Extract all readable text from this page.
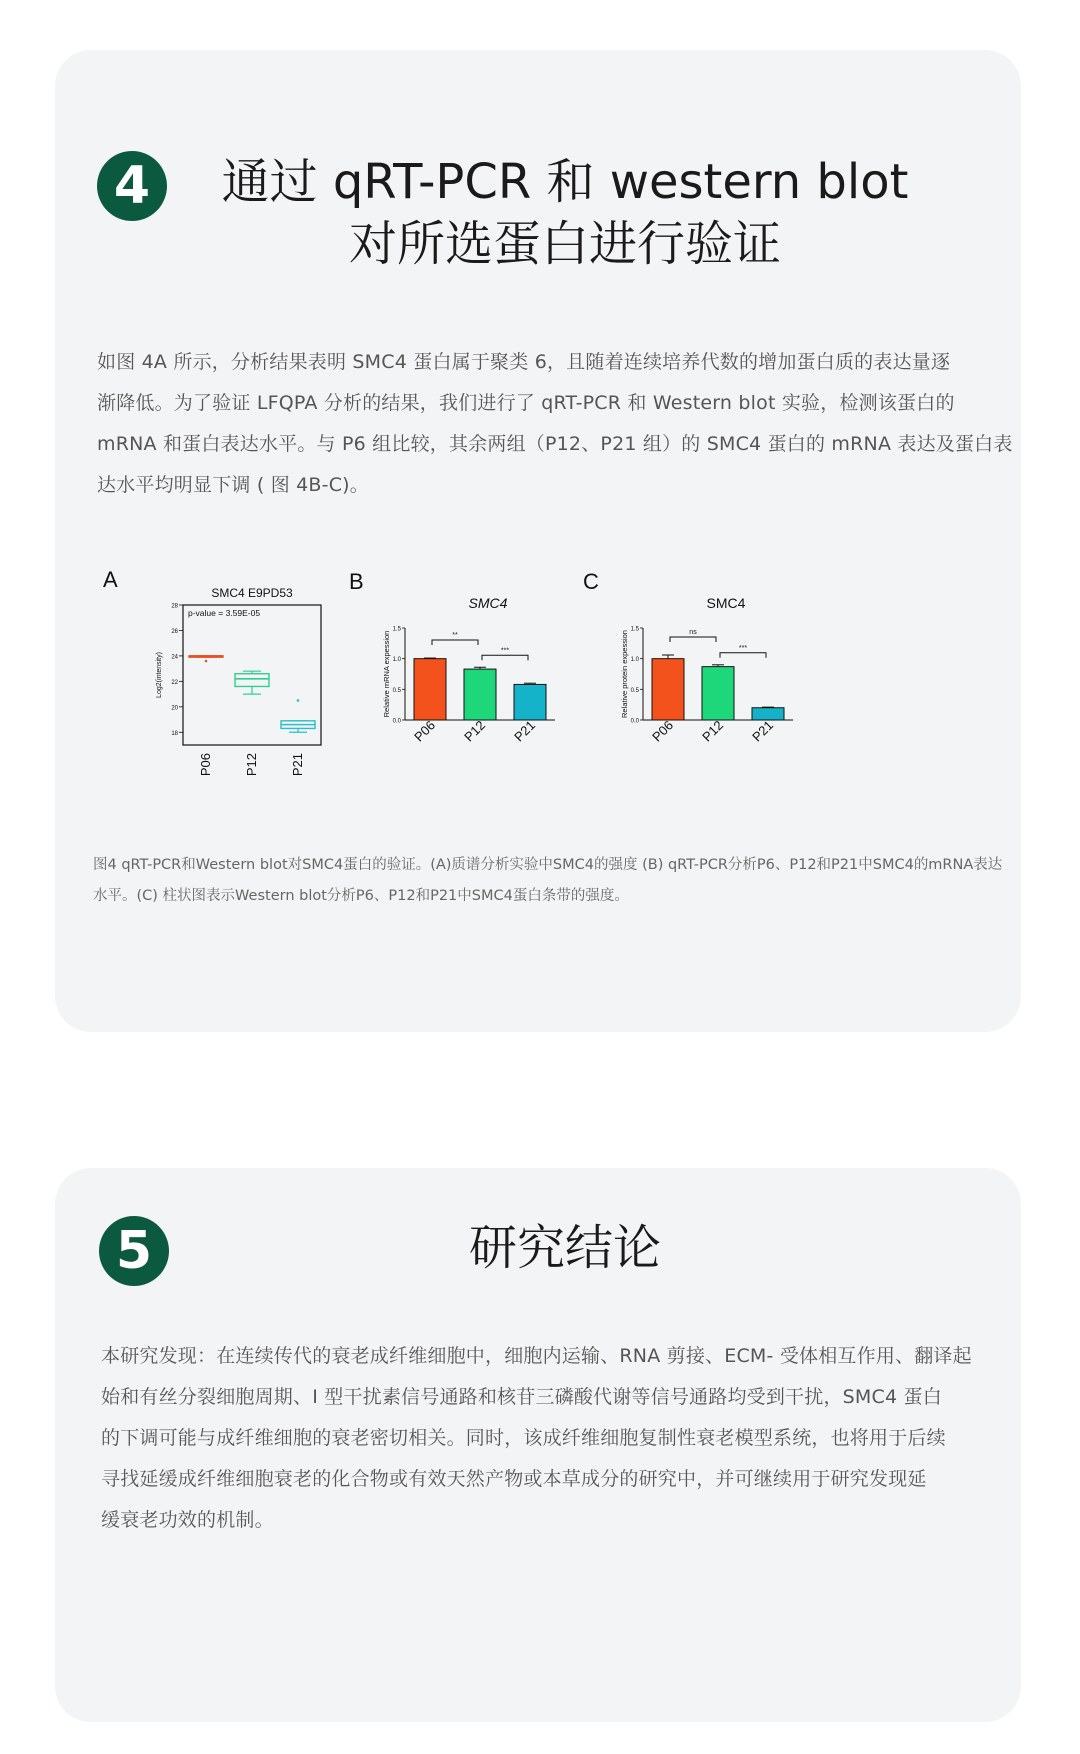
4	通过 qRT-PCR 和 western blot
对所选蛋白进行验证
如图 4A 所示，分析结果表明 SMC4 蛋白属于聚类 6，且随着连续培养代数的增加蛋白质的表达量逐
渐降低。为了验证 LFQPA 分析的结果，我们进行了 qRT-PCR 和 Western blot 实验，检测该蛋白的
mRNA 和蛋白表达水平。与 P6 组比较，其余两组（P12、P21 组）的 SMC4 蛋白的 mRNA 表达及蛋白表
达水平均明显下调 ( 图 4B-C)。
A	B	C
SMC4 E9PD53
p-value = 3.59E-05
18
20
22
24
26
28
Log2(intensity)
P06 P12 P21
SMC4
0.0
0.5
1.0
1.5
Relative mRNA expession
P06 P12 P21
**
***
SMC4
0.0
0.5
1.0
1.5
Relative protein expession
P06 P12 P21
ns
***
图4 qRT-PCR和Western blot对SMC4蛋白的验证。(A)质谱分析实验中SMC4的强度 (B) qRT-PCR分析P6、P12和P21中SMC4的mRNA表达
水平。(C) 柱状图表示Western blot分析P6、P12和P21中SMC4蛋白条带的强度。
5	研究结论
本研究发现：在连续传代的衰老成纤维细胞中，细胞内运输、RNA 剪接、ECM- 受体相互作用、翻译起
始和有丝分裂细胞周期、I 型干扰素信号通路和核苷三磷酸代谢等信号通路均受到干扰，SMC4 蛋白
的下调可能与成纤维细胞的衰老密切相关。同时，该成纤维细胞复制性衰老模型系统，也将用于后续
寻找延缓成纤维细胞衰老的化合物或有效天然产物或本草成分的研究中，并可继续用于研究发现延
缓衰老功效的机制。
